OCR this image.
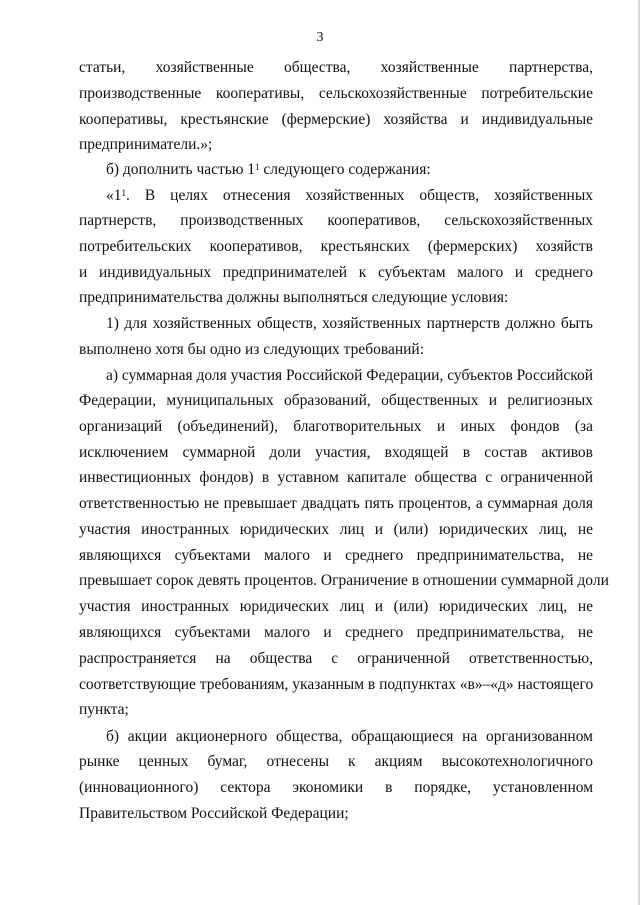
3
статьи, хозяйственные общества, хозяйственные партнерства,
производственные кооперативы, сельскохозяйственные потребительские
кооперативы, крестьянские (фермерские) хозяйства и индивидуальные
предприниматели.»;
б) дополнить частью $1^1$ следующего содержания:
«$1^1$. В целях отнесения хозяйственных обществ, хозяйственных
партнерств, производственных кооперативов, сельскохозяйственных
потребительских кооперативов, крестьянских (фермерских) хозяйств
и индивидуальных предпринимателей к субъектам малого и среднего
предпринимательства должны выполняться следующие условия:
1) для хозяйственных обществ, хозяйственных партнерств должно быть
выполнено хотя бы одно из следующих требований:
а) суммарная доля участия Российской Федерации, субъектов Российской
Федерации, муниципальных образований, общественных и религиозных
организаций (объединений), благотворительных и иных фондов (за
исключением суммарной доли участия, входящей в состав активов
инвестиционных фондов) в уставном капитале общества с ограниченной
ответственностью не превышает двадцать пять процентов, а суммарная доля
участия иностранных юридических лиц и (или) юридических лиц, не
являющихся субъектами малого и среднего предпринимательства, не
превышает сорок девять процентов. Ограничение в отношении суммарной доли
участия иностранных юридических лиц и (или) юридических лиц, не
являющихся субъектами малого и среднего предпринимательства, не
распространяется на общества с ограниченной ответственностью,
соответствующие требованиям, указанным в подпунктах «в»–«д» настоящего
пункта;
б) акции акционерного общества, обращающиеся на организованном
рынке ценных бумаг, отнесены к акциям высокотехнологичного
(инновационного) сектора экономики в порядке, установленном
Правительством Российской Федерации;
